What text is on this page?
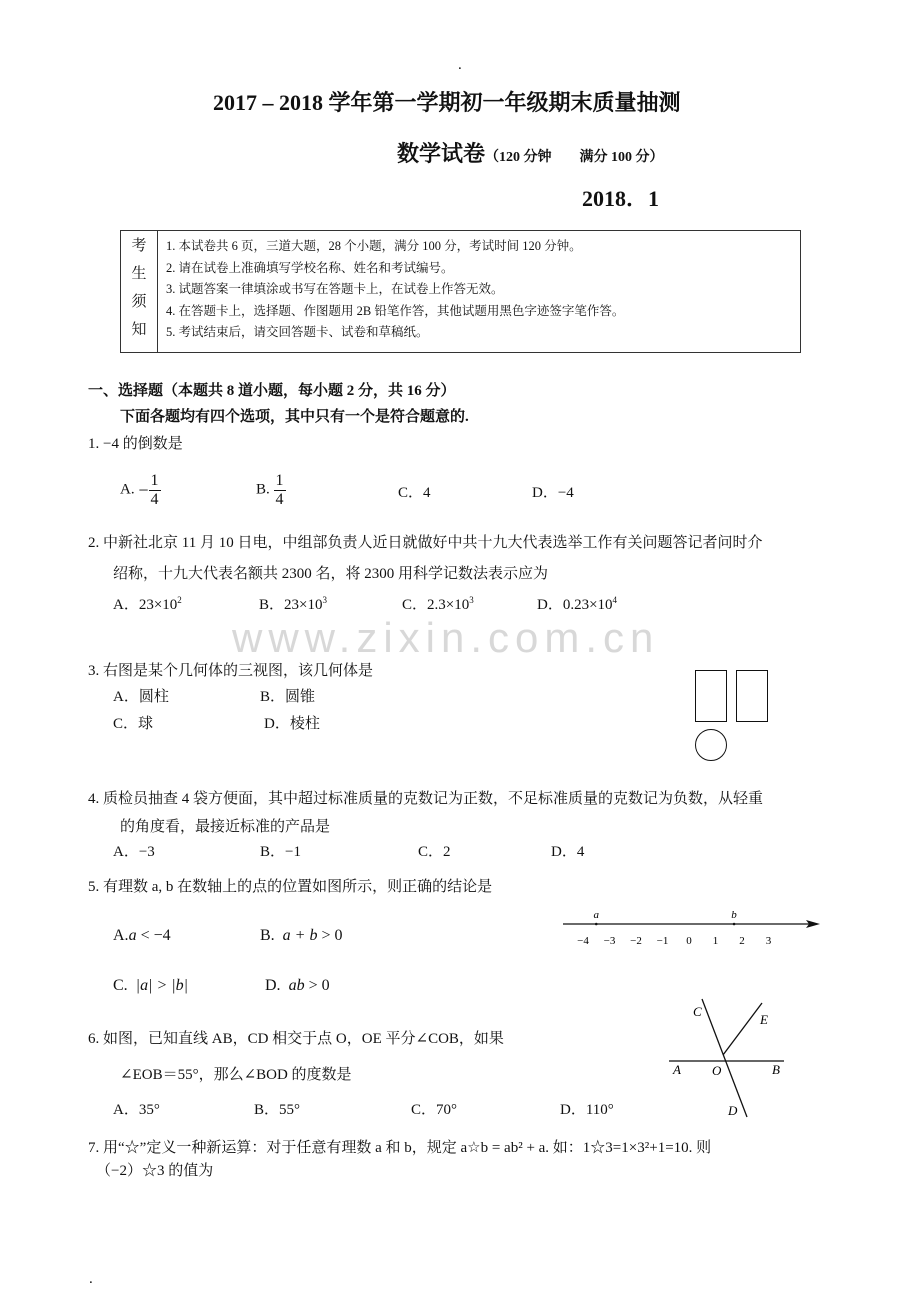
.
2017 – 2018 学年第一学期初一年级期末质量抽测
数学试卷（120 分钟　　满分 100 分）
2018．1
考
生
须
知
1. 本试卷共 6 页，三道大题，28 个小题，满分 100 分，考试时间 120 分钟。
2. 请在试卷上准确填写学校名称、姓名和考试编号。
3. 试题答案一律填涂或书写在答题卡上，在试卷上作答无效。
4. 在答题卡上，选择题、作图题用 2B 铅笔作答，其他试题用黑色字迹签字笔作答。
5. 考试结束后，请交回答题卡、试卷和草稿纸。
一、选择题（本题共 8 道小题，每小题 2 分，共 16 分）
下面各题均有四个选项，其中只有一个是符合题意的.
1. −4 的倒数是
A. − $\frac{1}{4}$	B. $\frac{1}{4}$	C．4	D．−4
2. 中新社北京 11 月 10 日电，中组部负责人近日就做好中共十九大代表选举工作有关问题答记者问时介
绍称，十九大代表名额共 2300 名，将 2300 用科学记数法表示应为
A．$23\times 10^2$	B．$23\times 10^3$	C．$2.3\times 10^3$	D．$0.23\times 10^4$
www.zixin.com.cn
3. 右图是某个几何体的三视图，该几何体是
A．圆柱	B．圆锥
C．球	D．棱柱
4. 质检员抽查 4 袋方便面，其中超过标准质量的克数记为正数，不足标准质量的克数记为负数，从轻重
的角度看，最接近标准的产品是
A．−3	B．−1	C．2	D．4
5. 有理数 a, b 在数轴上的点的位置如图所示，则正确的结论是
A.a < −4	B. a + b > 0
C. |a| > |b|	D. ab > 0
−4 −3 −2 −1 0 1 2 3
a	b
6. 如图，已知直线 AB，CD 相交于点 O，OE 平分∠COB，如果
∠EOB＝55°，那么∠BOD 的度数是
A．35°	B．55°	C．70°	D．110°
C
E
A O	B
D
7. 用“☆”定义一种新运算：对于任意有理数 a 和 b，规定 a☆b = ab² + a. 如：1☆3=1×3²+1=10. 则
（−2）☆3 的值为
.
